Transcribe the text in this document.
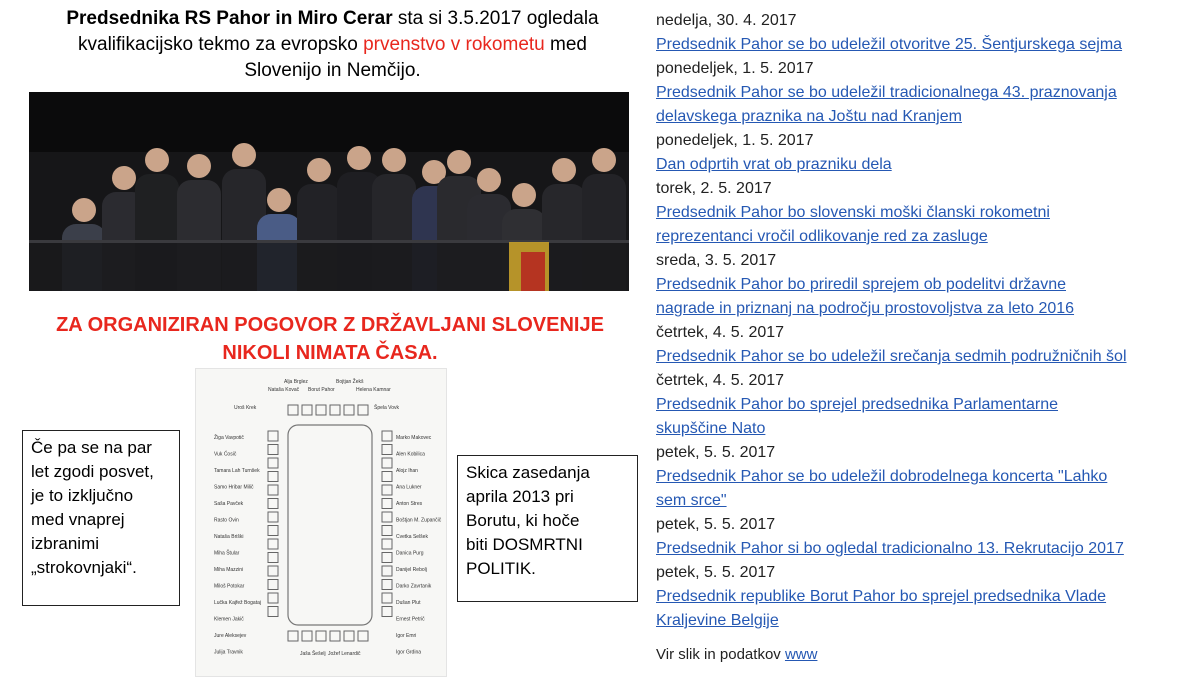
Predsednika RS Pahor in Miro Cerar sta si 3.5.2017 ogledala
kvalifikacijsko tekmo za evropsko prvenstvo v rokometu med
Slovenijo in Nemčijo.
ZA ORGANIZIRAN POGOVOR Z DRŽAVLJANI SLOVENIJE
NIKOLI NIMATA ČASA.
Alja Brglez	Bojtjan Žekš
Nataša Kovač Borut Pahor	Helena Kamnar
Uroš Krek	Špela Vovk
Žiga Vavpotič
Vuk Ćosič
Tamara Lah Turnšek
Samo Hribar Milič
Saša Pavček
Rasto Ovin
Nataša Briški
Miha Štular
Miha Mazzini
Miloš Potokar
Lučka Kajfež Bogataj
Klemen Jakič
Jure Aleksejev
Julija Travnik
Marko Makovec
Alen Kobilica
Alojz Ihan
Ana Lukner
Anton Stres
Boštjan M. Zupančič
Cvetka Selšek
Danica Purg
Danijel Rebolj
Darko Zavrtanik
Dušan Plut
Ernest Petrič
Igor Emri
Igor Grdina
Jaša Šešelj Jožef Lenardič
Če pa se na par
let zgodi posvet,
je to izključno
med vnaprej
izbranimi
„strokovnjaki“.
Skica zasedanja
aprila 2013 pri
Borutu, ki hoče
biti DOSMRTNI
POLITIK.
nedelja, 30. 4. 2017
Predsednik Pahor se bo udeležil otvoritve 25. Šentjurskega sejma
ponedeljek, 1. 5. 2017
Predsednik Pahor se bo udeležil tradicionalnega 43. praznovanja
delavskega praznika na Joštu nad Kranjem
ponedeljek, 1. 5. 2017
Dan odprtih vrat ob prazniku dela
torek, 2. 5. 2017
Predsednik Pahor bo slovenski moški članski rokometni
reprezentanci vročil odlikovanje red za zasluge
sreda, 3. 5. 2017
Predsednik Pahor bo priredil sprejem ob podelitvi državne
nagrade in priznanj na področju prostovoljstva za leto 2016
četrtek, 4. 5. 2017
Predsednik Pahor se bo udeležil srečanja sedmih podružničnih šol
četrtek, 4. 5. 2017
Predsednik Pahor bo sprejel predsednika Parlamentarne
skupščine Nato
petek, 5. 5. 2017
Predsednik Pahor se bo udeležil dobrodelnega koncerta "Lahko
sem srce"
petek, 5. 5. 2017
Predsednik Pahor si bo ogledal tradicionalno 13. Rekrutacijo 2017
petek, 5. 5. 2017
Predsednik republike Borut Pahor bo sprejel predsednika Vlade
Kraljevine Belgije
Vir slik in podatkov www
